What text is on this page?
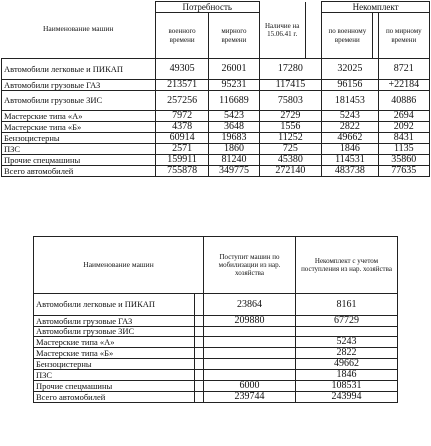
Наименование машин	Потребность		Наличие на 15.06.41 г.		Некомплект		
	военного времени	мирного времени			по военному времени		по мирному времени
Автомобили легковые и ПИКАП	49305	26001	17280		32025		8721
Автомобили грузовые ГАЗ	213571	95231	117415		96156		+22184
Автомобили грузовые ЗИС	257256	116689	75803		181453		40886
Мастерские типа «А»	7972	5423	2729		5243		2694
Мастерские типа «Б»	4378	3648	1556		2822		2092
Бензоцистерны	60914	19683	11252		49662		8431
ПЗС	2571	1860	725		1846		1135
Прочие спецмашины	159911	81240	45380		114531		35860
Всего автомобилей	755878	349775	272140		483738		77635
Наименование машин		Поступит машин по мобилизации из нар. хозяйства	Некомплект с учетом поступления из нар. хозяйства
Автомобили легковые и ПИКАП		23864	8161
Автомобили грузовые ГАЗ		209880	67729
Автомобили грузовые ЗИС			
Мастерские типа «А»			5243
Мастерские типа «Б»			2822
Бензоцистерны			49662
ПЗС			1846
Прочие спецмашины		6000	108531
Всего автомобилей		239744	243994
